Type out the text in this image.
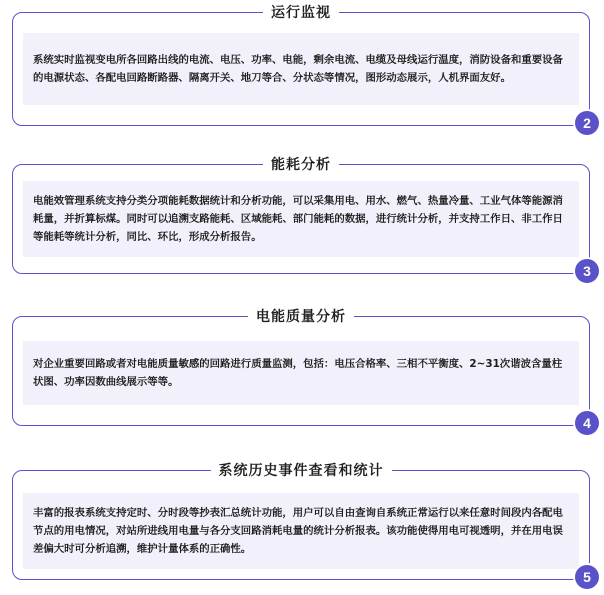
运行监视
系统实时监视变电所各回路出线的电流、电压、功率、电能，剩余电流、电缆及母线运行温度，消防设备和重要设备的电源状态、各配电回路断路器、隔离开关、地刀等合、分状态等情况，图形动态展示，人机界面友好。
2
能耗分析
电能效管理系统支持分类分项能耗数据统计和分析功能，可以采集用电、用水、燃气、热量冷量、工业气体等能源消耗量，并折算标煤。同时可以追溯支路能耗、区域能耗、部门能耗的数据，进行统计分析，并支持工作日、非工作日等能耗等统计分析，同比、环比，形成分析报告。
3
电能质量分析
对企业重要回路或者对电能质量敏感的回路进行质量监测，包括：电压合格率、三相不平衡度、2~31次谐波含量柱状图、功率因数曲线展示等等。
4
系统历史事件查看和统计
丰富的报表系统支持定时、分时段等抄表汇总统计功能，用户可以自由查询自系统正常运行以来任意时间段内各配电节点的用电情况，对站所进线用电量与各分支回路消耗电量的统计分析报表。该功能使得用电可视透明，并在用电误差偏大时可分析追溯，维护计量体系的正确性。
5
